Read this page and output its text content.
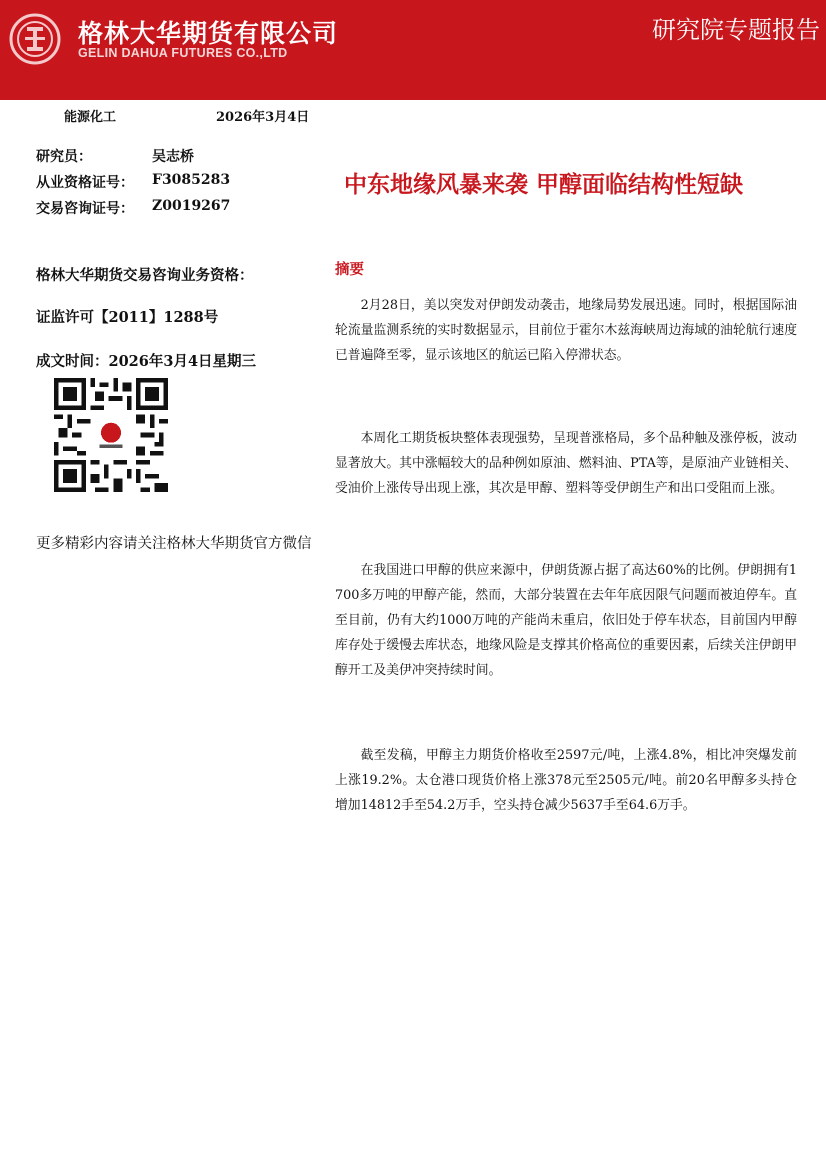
格林大华期货有限公司
GELIN DAHUA FUTURES CO.,LTD
研究院专题报告
能源化工	2026年3月4日
研究员：	吴志桥
从业资格证号： F3085283
交易咨询证号： Z0019267
中东地缘风暴来袭 甲醇面临结构性短缺
格林大华期货交易咨询业务资格：
证监许可【2011】1288号
成文时间：2026年3月4日星期三
更多精彩内容请关注格林大华期货官方微信
摘要

2月28日，美以突发对伊朗发动袭击，地缘局势发展迅速。同时，根据国际油轮流量监测系统的实时数据显示，目前位于霍尔木兹海峡周边海域的油轮航行速度已普遍降至零，显示该地区的航运已陷入停滞状态。

本周化工期货板块整体表现强势，呈现普涨格局，多个品种触及涨停板，波动显著放大。其中涨幅较大的品种例如原油、燃料油、PTA等，是原油产业链相关、受油价上涨传导出现上涨，其次是甲醇、塑料等受伊朗生产和出口受阻而上涨。

在我国进口甲醇的供应来源中，伊朗货源占据了高达60%的比例。伊朗拥有1700多万吨的甲醇产能，然而，大部分装置在去年年底因限气问题而被迫停车。直至目前，仍有大约1000万吨的产能尚未重启，依旧处于停车状态，目前国内甲醇库存处于缓慢去库状态，地缘风险是支撑其价格高位的重要因素，后续关注伊朗甲醇开工及美伊冲突持续时间。

截至发稿，甲醇主力期货价格收至2597元/吨，上涨4.8%，相比冲突爆发前上涨19.2%。太仓港口现货价格上涨378元至2505元/吨。前20名甲醇多头持仓增加14812手至54.2万手，空头持仓减少5637手至64.6万手。
